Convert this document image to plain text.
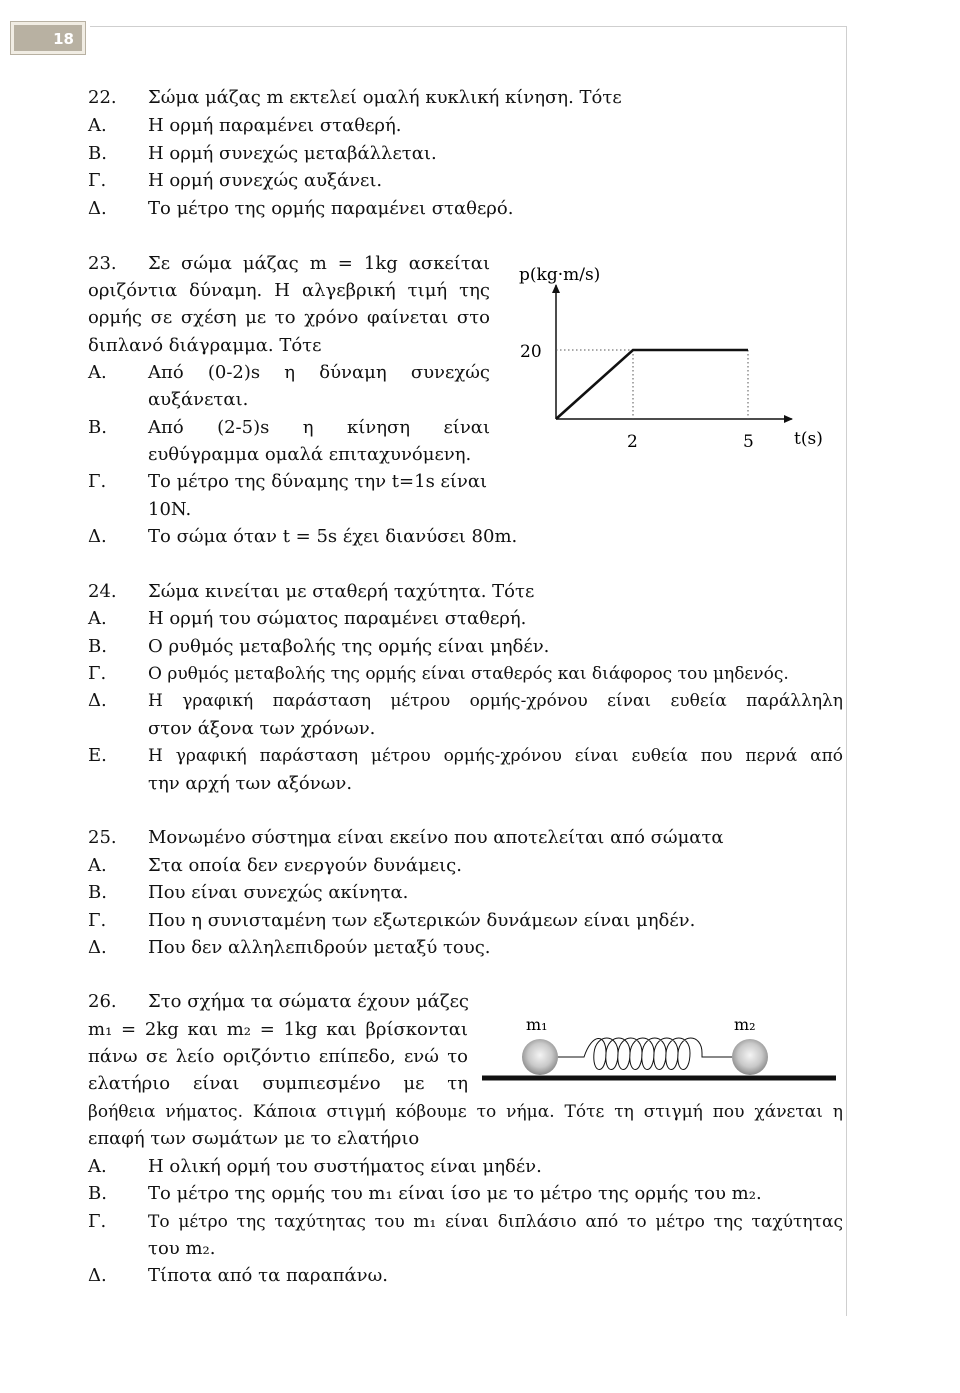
18
22. Σώμα μάζας m εκτελεί ομαλή κυκλική κίνηση. Τότε
Α. Η ορμή παραμένει σταθερή.
Β. Η ορμή συνεχώς μεταβάλλεται.
Γ. Η ορμή συνεχώς αυξάνει.
Δ. Το μέτρο της ορμής παραμένει σταθερό.
23. Σε σώμα μάζας m = 1kg ασκείται
οριζόντια δύναμη. Η αλγεβρική τιμή της
ορμής σε σχέση με το χρόνο φαίνεται στο
διπλανό διάγραμμα. Τότε
Α. Από (0-2)s η δύναμη συνεχώς
αυξάνεται.
Β. Από (2-5)s η κίνηση είναι
ευθύγραμμα ομαλά επιταχυνόμενη.
Γ. Το μέτρο της δύναμης την t=1s είναι
10N.
Δ. Το σώμα όταν t = 5s έχει διανύσει 80m.
p(kg·m/s)
20
2	5 t(s)
24. Σώμα κινείται με σταθερή ταχύτητα. Τότε
Α. Η ορμή του σώματος παραμένει σταθερή.
Β. Ο ρυθμός μεταβολής της ορμής είναι μηδέν.
Γ. Ο ρυθμός μεταβολής της ορμής είναι σταθερός και διάφορος του μηδενός.
Δ. Η γραφική παράσταση μέτρου ορμής-χρόνου είναι ευθεία παράλληλη
στον άξονα των χρόνων.
Ε. Η γραφική παράσταση μέτρου ορμής-χρόνου είναι ευθεία που περνά από
την αρχή των αξόνων.
25. Μονωμένο σύστημα είναι εκείνο που αποτελείται από σώματα
Α. Στα οποία δεν ενεργούν δυνάμεις.
Β. Που είναι συνεχώς ακίνητα.
Γ. Που η συνισταμένη των εξωτερικών δυνάμεων είναι μηδέν.
Δ. Που δεν αλληλεπιδρούν μεταξύ τους.
26. Στο σχήμα τα σώματα έχουν μάζες
m₁ = 2kg και m₂ = 1kg και βρίσκονται
πάνω σε λείο οριζόντιο επίπεδο, ενώ το
ελατήριο είναι συμπιεσμένο με τη
βοήθεια νήματος. Κάποια στιγμή κόβουμε το νήμα. Τότε τη στιγμή που χάνεται η
επαφή των σωμάτων με το ελατήριο
m₁	m₂
Α. Η ολική ορμή του συστήματος είναι μηδέν.
Β. Το μέτρο της ορμής του m₁ είναι ίσο με το μέτρο της ορμής του m₂.
Γ. Το μέτρο της ταχύτητας του m₁ είναι διπλάσιο από το μέτρο της ταχύτητας
του m₂.
Δ. Τίποτα από τα παραπάνω.
